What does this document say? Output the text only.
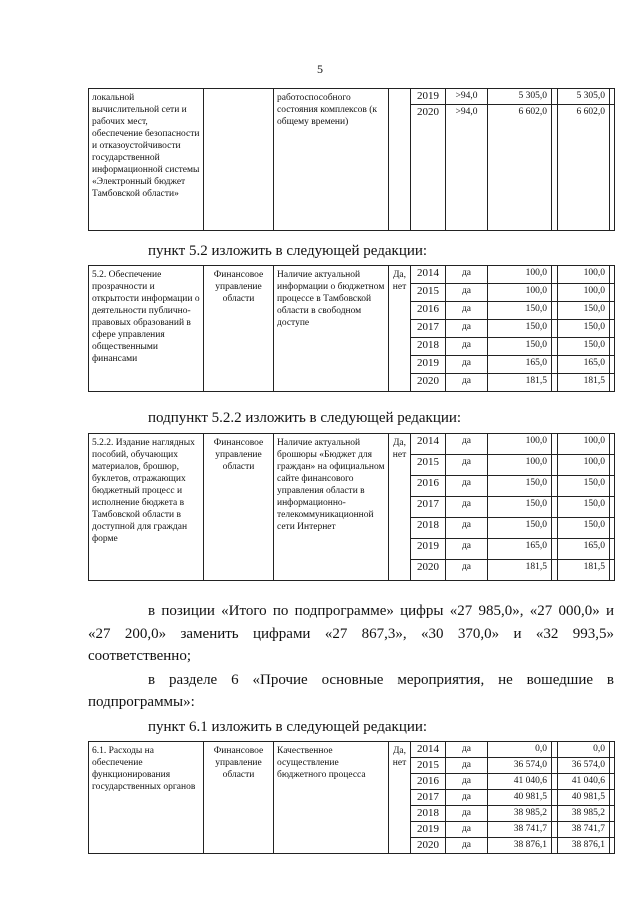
5
локальной вычислительной сети и рабочих мест, обеспечение безопасности и отказоустойчивости государственной информационной системы «Электронный бюджет Тамбовской области»		работоспособного состояния комплексов (к общему времени)		2019	>94,0	5 305,0		5 305,0	
				2020	>94,0	6 602,0		6 602,0	
пункт 5.2 изложить в следующей редакции:
5.2. Обеспечение прозрачности и открытости информации о деятельности публично-правовых образований в сфере управления общественными финансами	Финансовое управление области	Наличие актуальной информации о бюджетном процессе в Тамбовской области в свободном доступе	Да, нет	2014	да	100,0		100,0	
				2015	да	100,0		100,0	
				2016	да	150,0		150,0	
				2017	да	150,0		150,0	
				2018	да	150,0		150,0	
				2019	да	165,0		165,0	
				2020	да	181,5		181,5	
подпункт 5.2.2 изложить в следующей редакции:
5.2.2. Издание наглядных пособий, обучающих материалов, брошюр, буклетов, отражающих бюджетный процесс и исполнение бюджета в Тамбовской области в доступной для граждан форме	Финансовое управление области	Наличие актуальной брошюры «Бюджет для граждан» на официальном сайте финансового управления области в информационно-телекоммуникационной сети Интернет	Да, нет	2014	да	100,0		100,0	
				2015	да	100,0		100,0	
				2016	да	150,0		150,0	
				2017	да	150,0		150,0	
				2018	да	150,0		150,0	
				2019	да	165,0		165,0	
				2020	да	181,5		181,5	
в позиции «Итого по подпрограмме» цифры «27 985,0», «27 000,0» и
«27 200,0» заменить цифрами «27 867,3», «30 370,0» и «32 993,5»
соответственно;
в разделе 6 «Прочие основные мероприятия, не вошедшие в
подпрограммы»:
пункт 6.1 изложить в следующей редакции:
6.1. Расходы на обеспечение функционирования государственных органов	Финансовое управление области	Качественное осуществление бюджетного процесса	Да, нет	2014	да	0,0		0,0	
				2015	да	36 574,0		36 574,0	
				2016	да	41 040,6		41 040,6	
				2017	да	40 981,5		40 981,5	
				2018	да	38 985,2		38 985,2	
				2019	да	38 741,7		38 741,7	
				2020	да	38 876,1		38 876,1	
